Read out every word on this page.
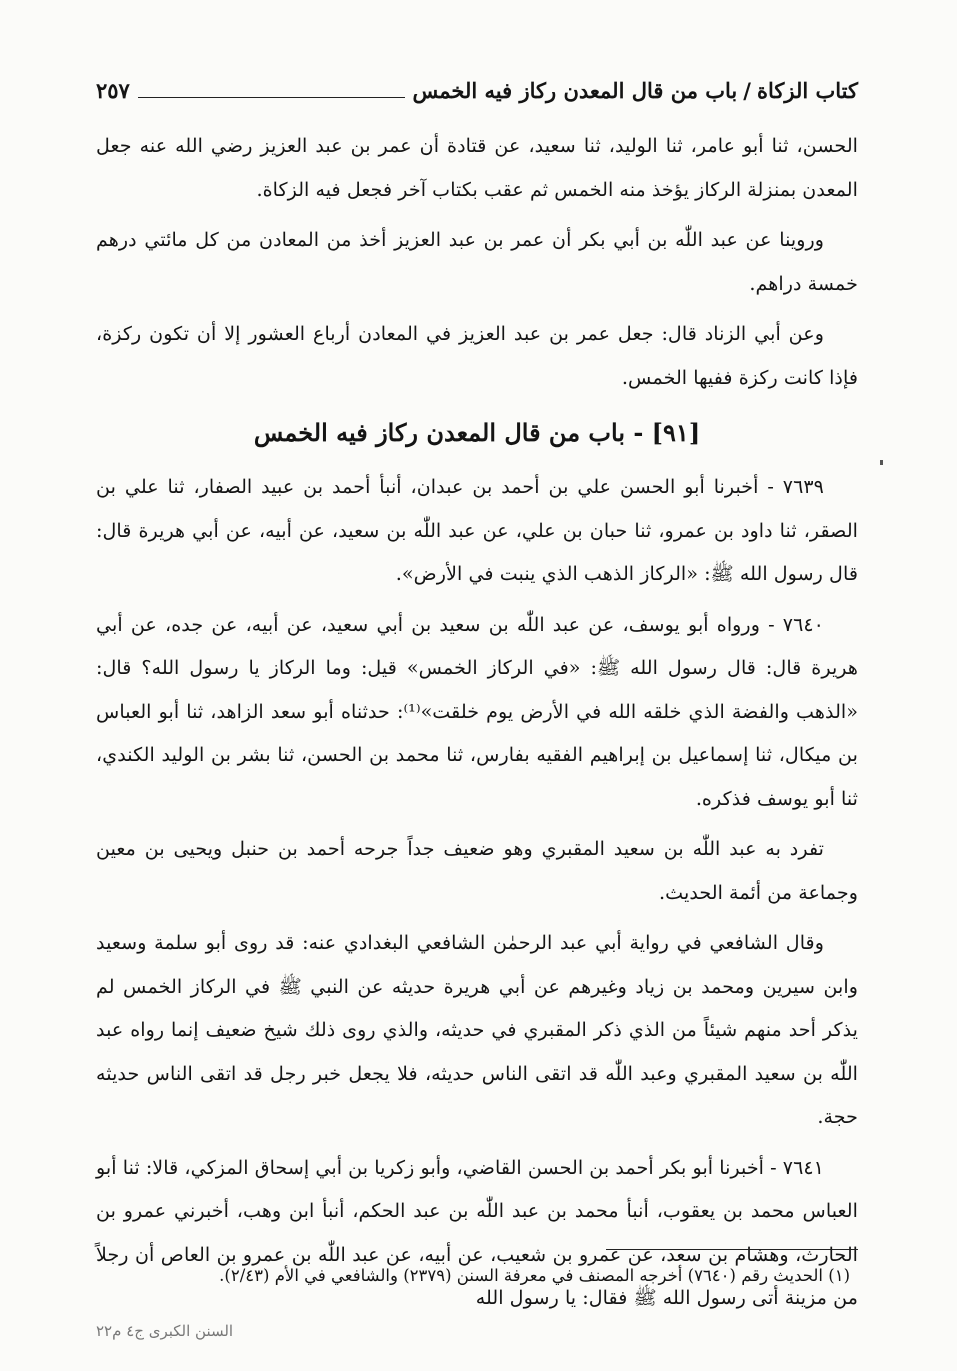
كتاب الزكاة
/
باب من قال المعدن ركاز فيه الخمس
٢٥٧

الحسن، ثنا أبو عامر، ثنا الوليد، ثنا سعيد، عن قتادة أن عمر بن عبد العزيز رضي الله عنه جعل المعدن بمنزلة الركاز يؤخذ منه الخمس ثم عقب بكتاب آخر فجعل فيه الزكاة.

وروينا عن عبد اللّٰه بن أبي بكر أن عمر بن عبد العزيز أخذ من المعادن من كل مائتي درهم خمسة دراهم.

وعن أبي الزناد قال: جعل عمر بن عبد العزيز في المعادن أرباع العشور إلا أن تكون ركزة، فإذا كانت ركزة ففيها الخمس.

[٩١] - باب من قال المعدن ركاز فيه الخمس

٧٦٣٩ - أخبرنا أبو الحسن علي بن أحمد بن عبدان، أنبأ أحمد بن عبيد الصفار، ثنا علي بن الصقر، ثنا داود بن عمرو، ثنا حبان بن علي، عن عبد اللّٰه بن سعيد، عن أبيه، عن أبي هريرة قال: قال رسول الله ﷺ: «الركاز الذهب الذي ينبت في الأرض».

٧٦٤٠ - ورواه أبو يوسف، عن عبد اللّٰه بن سعيد بن أبي سعيد، عن أبيه، عن جده، عن أبي هريرة قال: قال رسول الله ﷺ: «في الركاز الخمس» قيل: وما الركاز يا رسول الله؟ قال: «الذهب والفضة الذي خلقه الله في الأرض يوم خلقت»⁽¹⁾: حدثناه أبو سعد الزاهد، ثنا أبو العباس بن ميكال، ثنا إسماعيل بن إبراهيم الفقيه بفارس، ثنا محمد بن الحسن، ثنا بشر بن الوليد الكندي، ثنا أبو يوسف فذكره.

تفرد به عبد اللّٰه بن سعيد المقبري وهو ضعيف جداً جرحه أحمد بن حنبل ويحيى بن معين وجماعة من أئمة الحديث.

وقال الشافعي في رواية أبي عبد الرحمٰن الشافعي البغدادي عنه: قد روى أبو سلمة وسعيد وابن سيرين ومحمد بن زياد وغيرهم عن أبي هريرة حديثه عن النبي ﷺ في الركاز الخمس لم يذكر أحد منهم شيئاً من الذي ذكر المقبري في حديثه، والذي روى ذلك شيخ ضعيف إنما رواه عبد اللّٰه بن سعيد المقبري وعبد اللّٰه قد اتقى الناس حديثه، فلا يجعل خبر رجل قد اتقى الناس حديثه حجة.

٧٦٤١ - أخبرنا أبو بكر أحمد بن الحسن القاضي، وأبو زكريا بن أبي إسحاق المزكي، قالا: ثنا أبو العباس محمد بن يعقوب، أنبأ محمد بن عبد اللّٰه بن عبد الحكم، أنبأ ابن وهب، أخبرني عمرو بن الحارث، وهشام بن سعد، عن عمرو بن شعيب، عن أبيه، عن عبد اللّٰه بن عمرو بن العاص أن رجلاً من مزينة أتى رسول الله ﷺ فقال: يا رسول الله

(١) الحديث رقم (٧٦٤٠) أخرجه المصنف في معرفة السنن (٢٣٧٩) والشافعي في الأم (٢/٤٣).
السنن الكبرى ج٤ م٢٢
